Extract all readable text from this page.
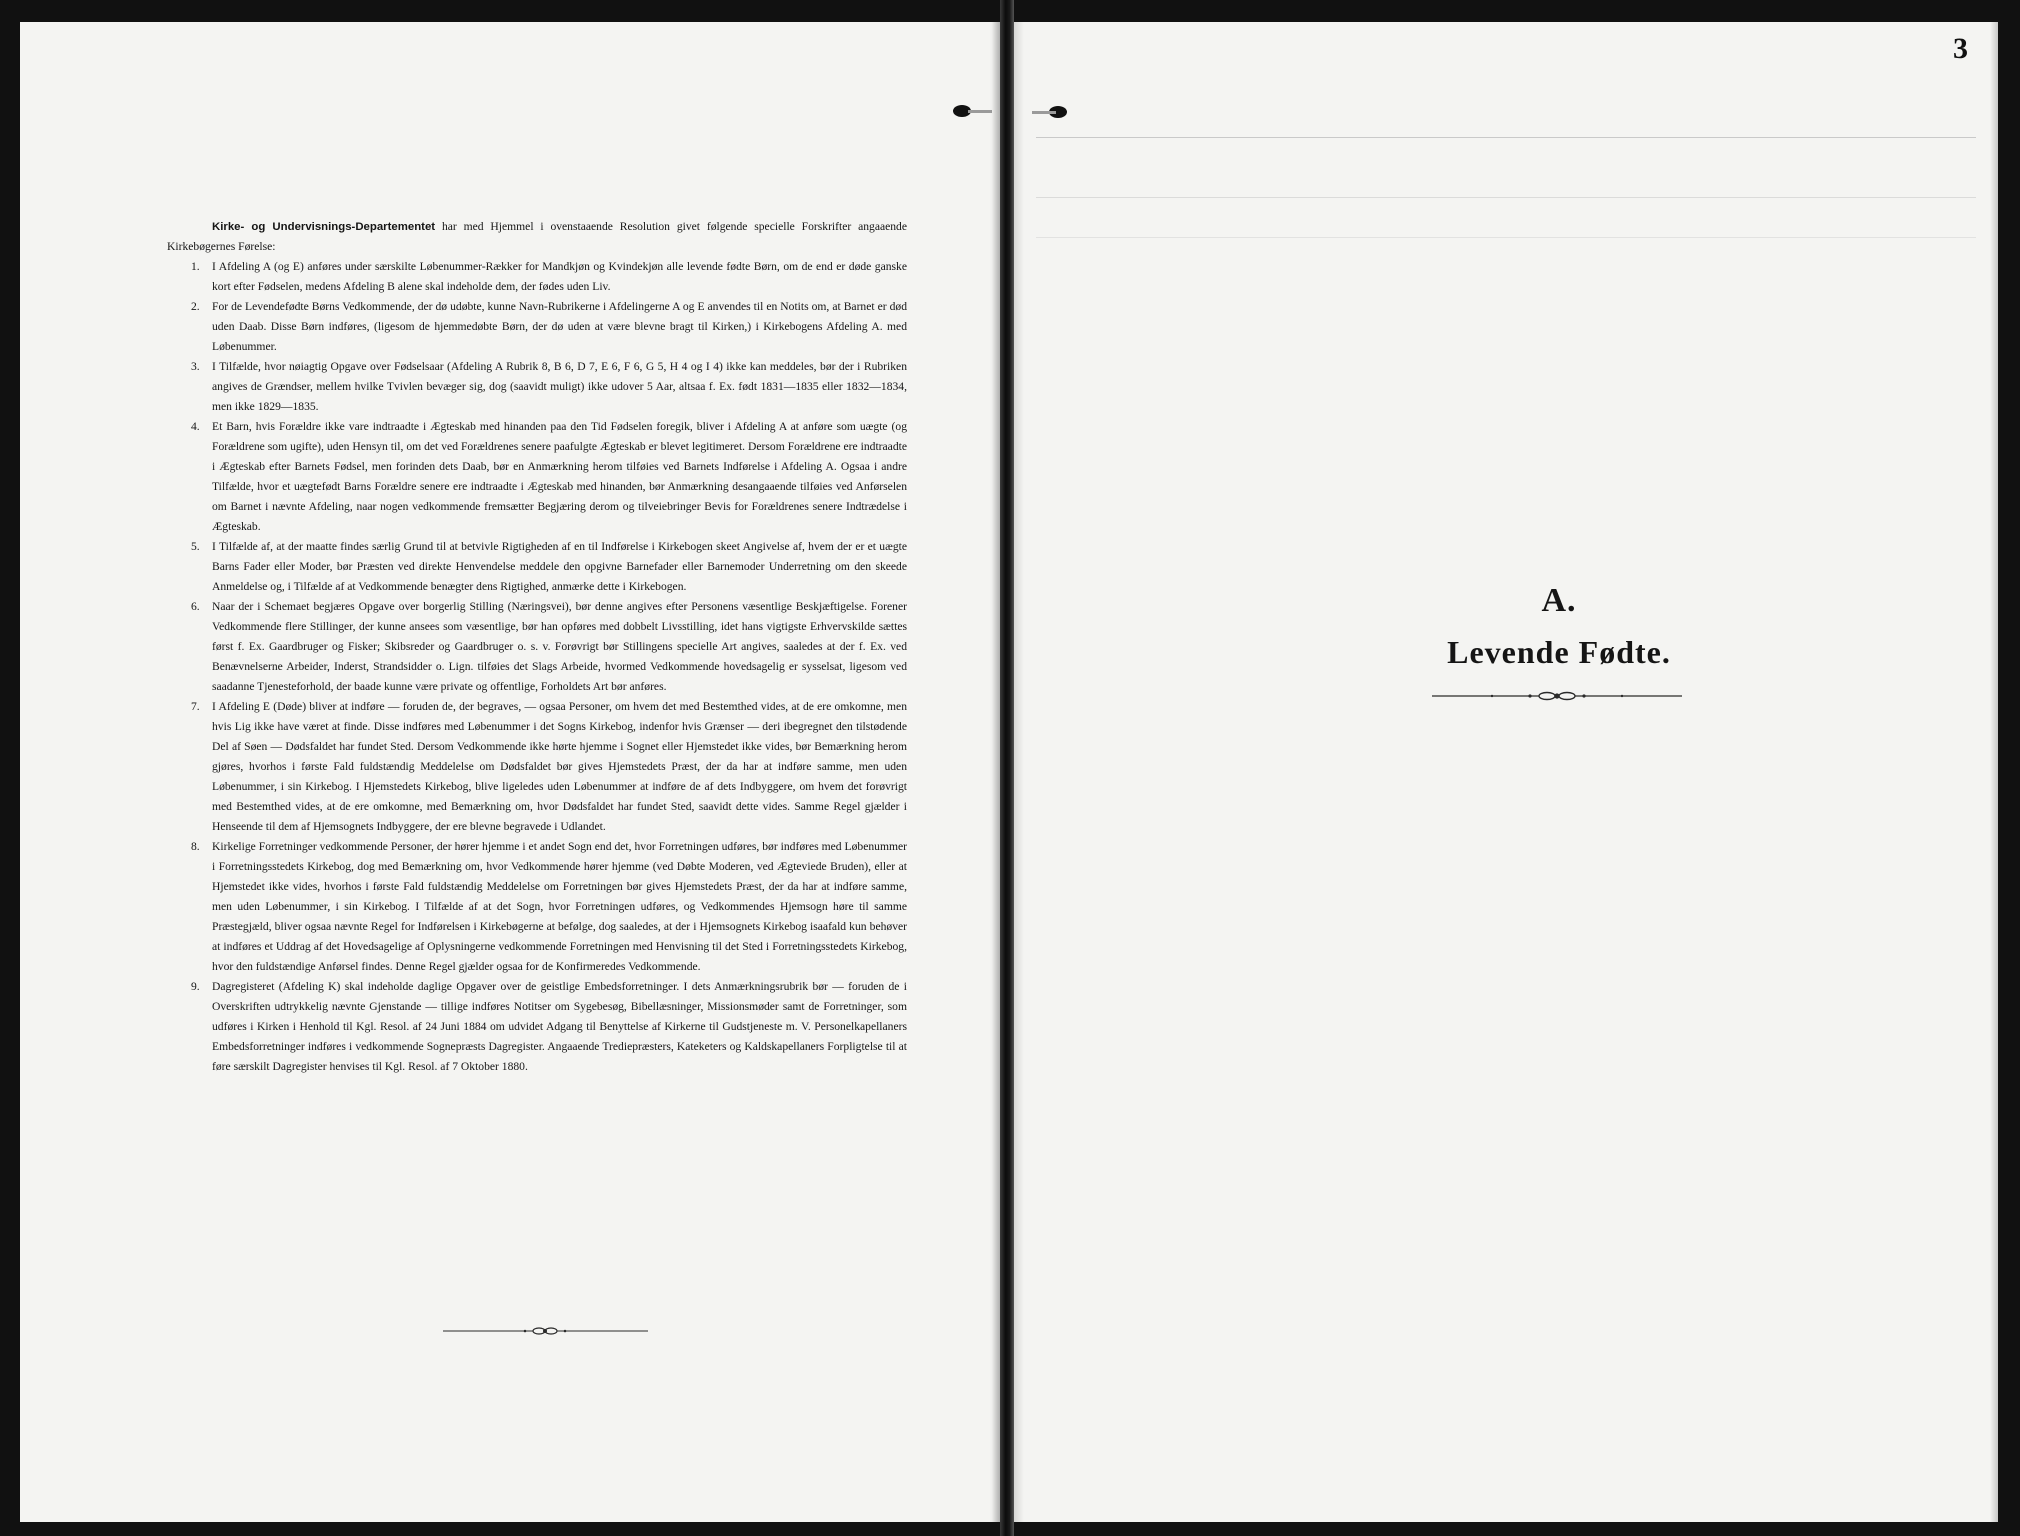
Kirke- og Undervisnings-Departementet har med Hjemmel i ovenstaaende Resolution givet følgende specielle Forskrifter angaaende Kirkebøgernes Førelse:

1. I Afdeling A (og E) anføres under særskilte Løbenummer-Rækker for Mandkjøn og Kvindekjøn alle levende fødte Børn, om de end er døde ganske kort efter Fødselen, medens Afdeling B alene skal indeholde dem, der fødes uden Liv.
2. For de Levendefødte Børns Vedkommende, der dø udøbte, kunne Navn-Rubrikerne i Afdelingerne A og E anvendes til en Notits om, at Barnet er død uden Daab. Disse Børn indføres, (ligesom de hjemmedøbte Børn, der dø uden at være blevne bragt til Kirken,) i Kirkebogens Afdeling A. med Løbenummer.
3. I Tilfælde, hvor nøiagtig Opgave over Fødselsaar (Afdeling A Rubrik 8, B 6, D 7, E 6, F 6, G 5, H 4 og I 4) ikke kan meddeles, bør der i Rubriken angives de Grændser, mellem hvilke Tvivlen bevæger sig, dog (saavidt muligt) ikke udover 5 Aar, altsaa f. Ex. født 1831—1835 eller 1832—1834, men ikke 1829—1835.
4. Et Barn, hvis Forældre ikke vare indtraadte i Ægteskab med hinanden paa den Tid Fødselen foregik, bliver i Afdeling A at anføre som uægte (og Forældrene som ugifte), uden Hensyn til, om det ved Forældrenes senere paafulgte Ægteskab er blevet legitimeret. Dersom Forældrene ere indtraadte i Ægteskab efter Barnets Fødsel, men forinden dets Daab, bør en Anmærkning herom tilføies ved Barnets Indførelse i Afdeling A. Ogsaa i andre Tilfælde, hvor et uægtefødt Barns Forældre senere ere indtraadte i Ægteskab med hinanden, bør Anmærkning desangaaende tilføies ved Anførselen om Barnet i nævnte Afdeling, naar nogen vedkommende fremsætter Begjæring derom og tilveiebringer Bevis for Forældrenes senere Indtrædelse i Ægteskab.
5. I Tilfælde af, at der maatte findes særlig Grund til at betvivle Rigtigheden af en til Indførelse i Kirkebogen skeet Angivelse af, hvem der er et uægte Barns Fader eller Moder, bør Præsten ved direkte Henvendelse meddele den opgivne Barnefader eller Barnemoder Underretning om den skeede Anmeldelse og, i Tilfælde af at Vedkommende benægter dens Rigtighed, anmærke dette i Kirkebogen.
6. Naar der i Schemaet begjæres Opgave over borgerlig Stilling (Næringsvei), bør denne angives efter Personens væsentlige Beskjæftigelse. Forener Vedkommende flere Stillinger, der kunne ansees som væsentlige, bør han opføres med dobbelt Livsstilling, idet hans vigtigste Erhvervskilde sættes først f. Ex. Gaardbruger og Fisker; Skibsreder og Gaardbruger o. s. v. Forøvrigt bør Stillingens specielle Art angives, saaledes at der f. Ex. ved Benævnelserne Arbeider, Inderst, Strandsidder o. Lign. tilføies det Slags Arbeide, hvormed Vedkommende hovedsagelig er sysselsat, ligesom ved saadanne Tjenesteforhold, der baade kunne være private og offentlige, Forholdets Art bør anføres.
7. I Afdeling E (Døde) bliver at indføre — foruden de, der begraves, — ogsaa Personer, om hvem det med Bestemthed vides, at de ere omkomne, men hvis Lig ikke have været at finde. Disse indføres med Løbenummer i det Sogns Kirkebog, indenfor hvis Grænser — deri ibegregnet den tilstødende Del af Søen — Dødsfaldet har fundet Sted. Dersom Vedkommende ikke hørte hjemme i Sognet eller Hjemstedet ikke vides, bør Bemærkning herom gjøres, hvorhos i første Fald fuldstændig Meddelelse om Dødsfaldet bør gives Hjemstedets Præst, der da har at indføre samme, men uden Løbenummer, i sin Kirkebog. I Hjemstedets Kirkebog, blive ligeledes uden Løbenummer at indføre de af dets Indbyggere, om hvem det forøvrigt med Bestemthed vides, at de ere omkomne, med Bemærkning om, hvor Dødsfaldet har fundet Sted, saavidt dette vides. Samme Regel gjælder i Henseende til dem af Hjemsognets Indbyggere, der ere blevne begravede i Udlandet.
8. Kirkelige Forretninger vedkommende Personer, der hører hjemme i et andet Sogn end det, hvor Forretningen udføres, bør indføres med Løbenummer i Forretningsstedets Kirkebog, dog med Bemærkning om, hvor Vedkommende hører hjemme (ved Døbte Moderen, ved Ægteviede Bruden), eller at Hjemstedet ikke vides, hvorhos i første Fald fuldstændig Meddelelse om Forretningen bør gives Hjemstedets Præst, der da har at indføre samme, men uden Løbenummer, i sin Kirkebog. I Tilfælde af at det Sogn, hvor Forretningen udføres, og Vedkommendes Hjemsogn høre til samme Præstegjæld, bliver ogsaa nævnte Regel for Indførelsen i Kirkebøgerne at befølge, dog saaledes, at der i Hjemsognets Kirkebog isaafald kun behøver at indføres et Uddrag af det Hovedsagelige af Oplysningerne vedkommende Forretningen med Henvisning til det Sted i Forretningsstedets Kirkebog, hvor den fuldstændige Anførsel findes. Denne Regel gjælder ogsaa for de Konfirmeredes Vedkommende.
9. Dagregisteret (Afdeling K) skal indeholde daglige Opgaver over de geistlige Embedsforretninger. I dets Anmærkningsrubrik bør — foruden de i Overskriften udtrykkelig nævnte Gjenstande — tillige indføres Notitser om Sygebesøg, Bibellæsninger, Missionsmøder samt de Forretninger, som udføres i Kirken i Henhold til Kgl. Resol. af 24 Juni 1884 om udvidet Adgang til Benyttelse af Kirkerne til Gudstjeneste m. V. Personelkapellaners Embedsforretninger indføres i vedkommende Sognepræsts Dagregister. Angaaende Trediepræsters, Kateketers og Kaldskapellaners Forpligtelse til at føre særskilt Dagregister henvises til Kgl. Resol. af 7 Oktober 1880.
3
A.
Levende Fødte.
